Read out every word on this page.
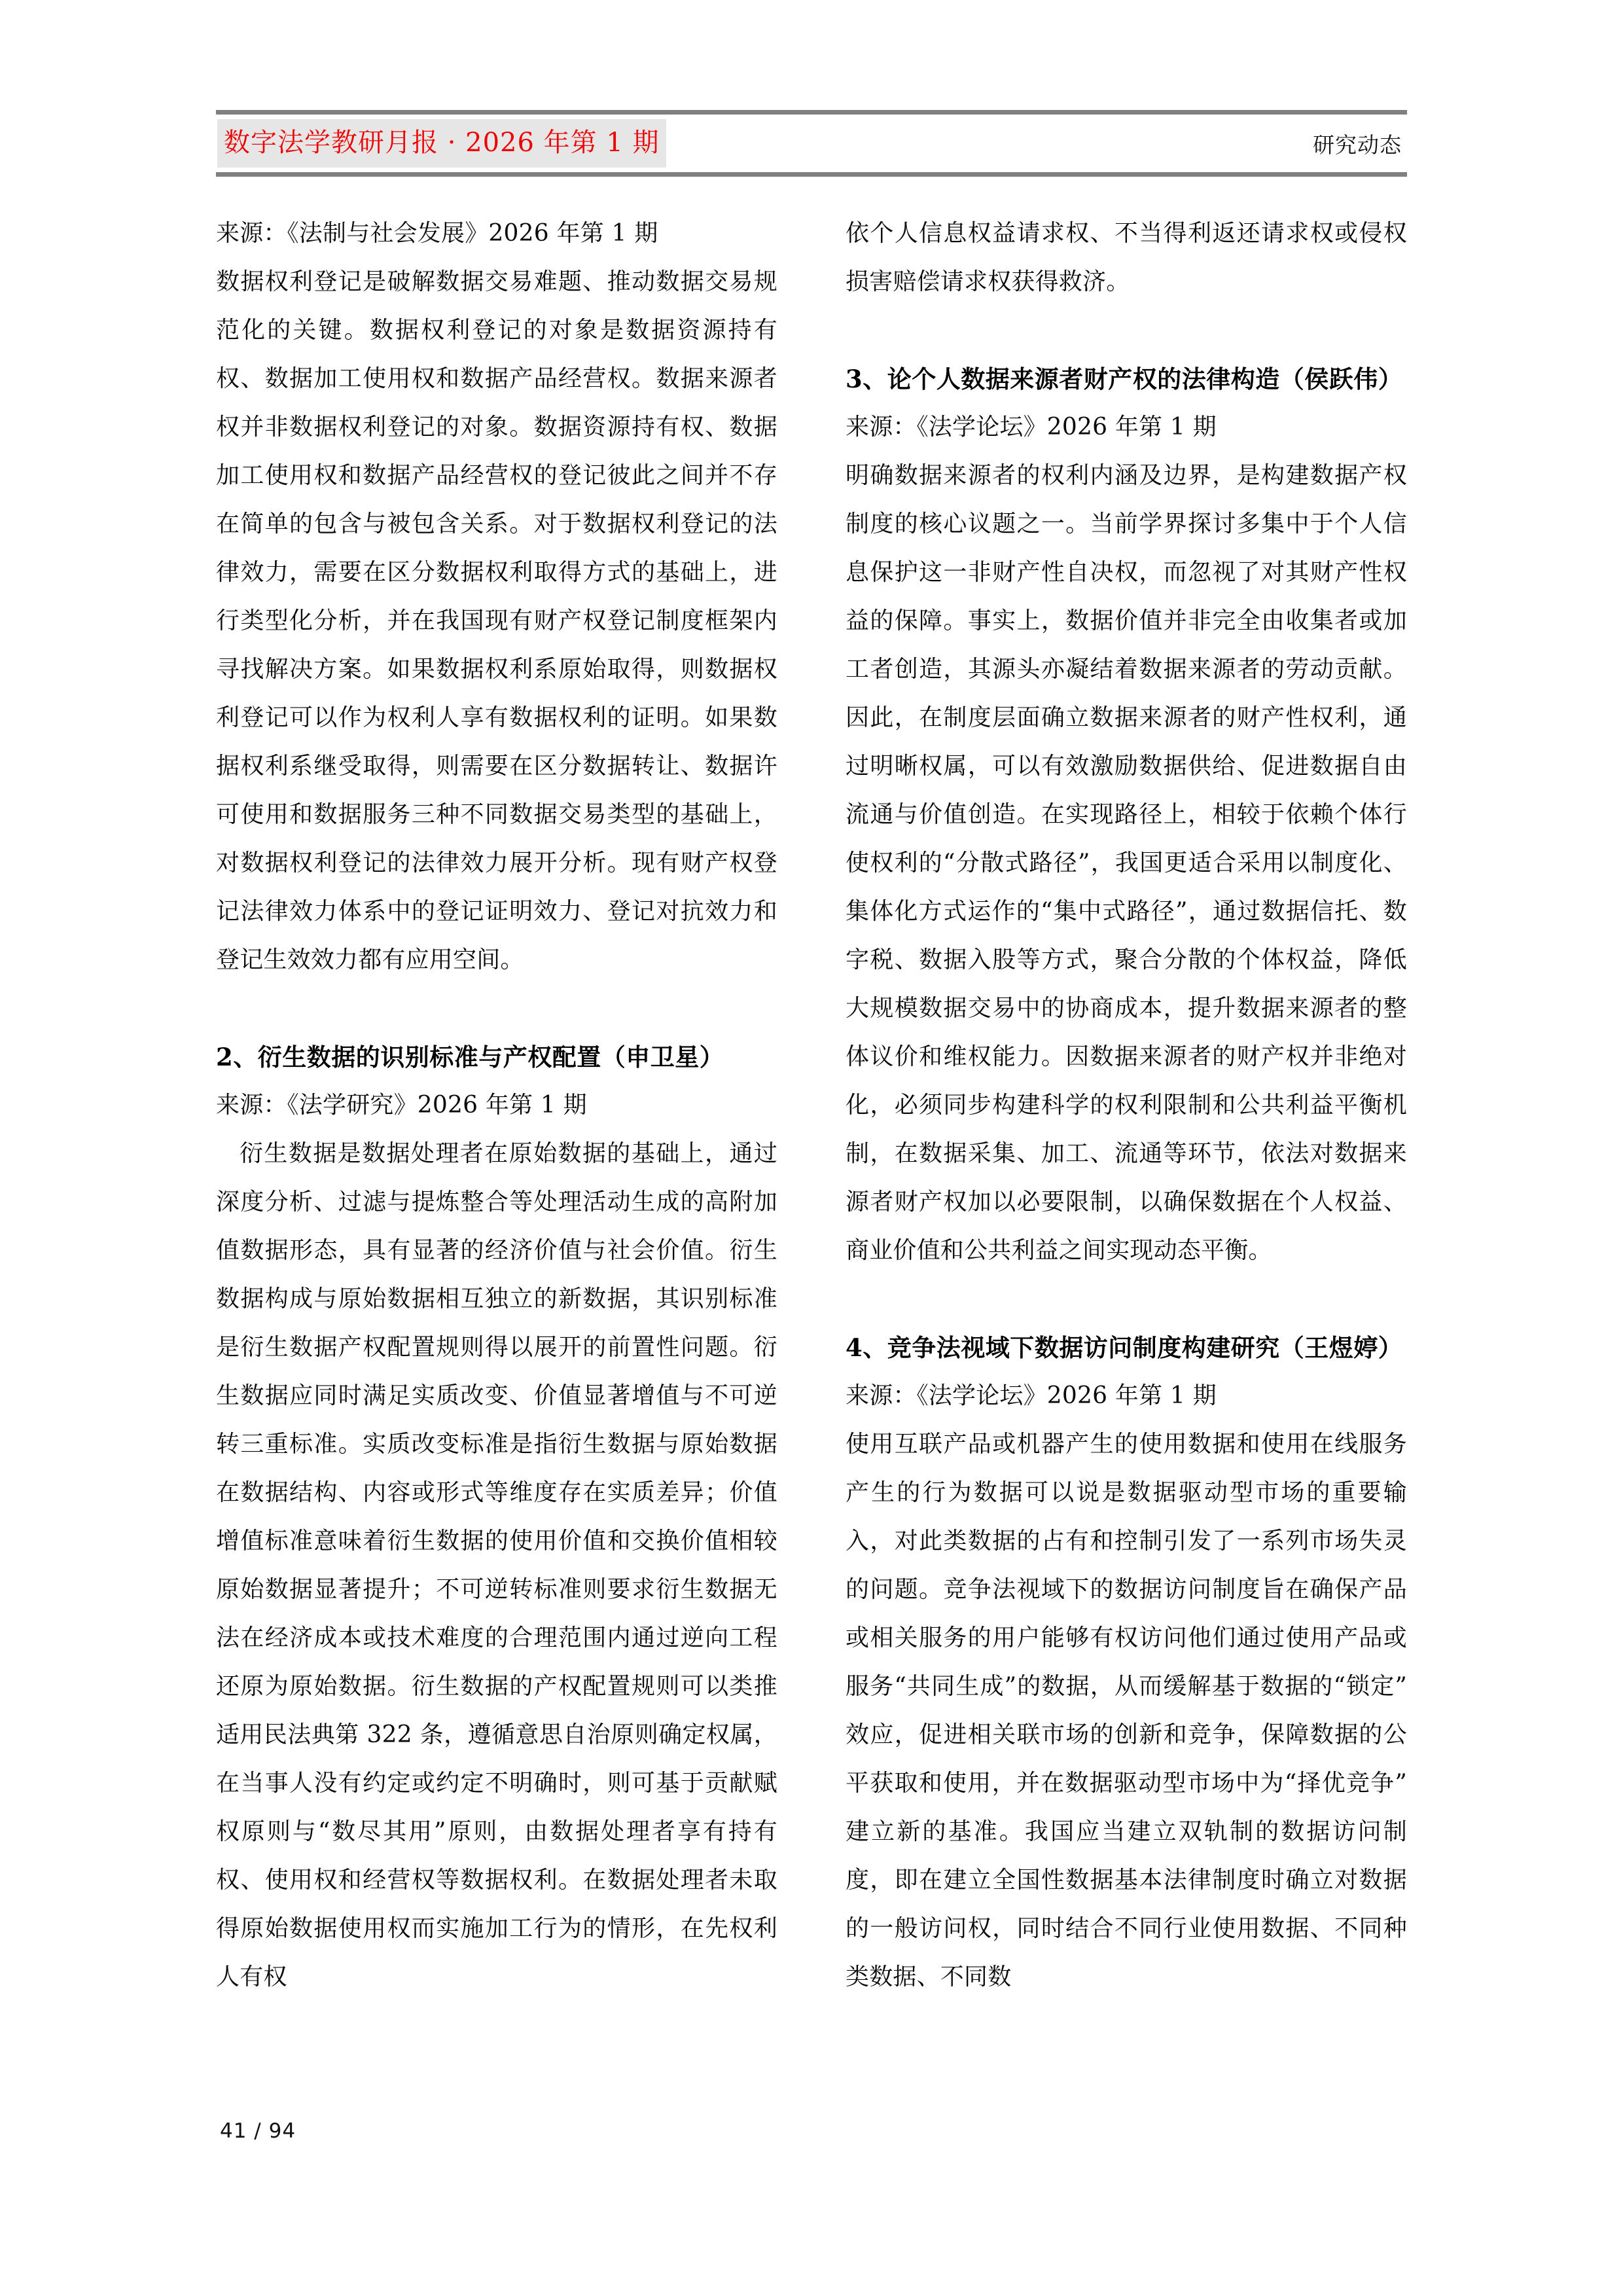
数字法学教研月报 · 2026 年第 1 期	研究动态

来源：《法制与社会发展》2026 年第 1 期

数据权利登记是破解数据交易难题、推动数据交易规范化的关键。数据权利登记的对象是数据资源持有权、数据加工使用权和数据产品经营权。数据来源者权并非数据权利登记的对象。数据资源持有权、数据加工使用权和数据产品经营权的登记彼此之间并不存在简单的包含与被包含关系。对于数据权利登记的法律效力，需要在区分数据权利取得方式的基础上，进行类型化分析，并在我国现有财产权登记制度框架内寻找解决方案。如果数据权利系原始取得，则数据权利登记可以作为权利人享有数据权利的证明。如果数据权利系继受取得，则需要在区分数据转让、数据许可使用和数据服务三种不同数据交易类型的基础上，对数据权利登记的法律效力展开分析。现有财产权登记法律效力体系中的登记证明效力、登记对抗效力和登记生效效力都有应用空间。

2、衍生数据的识别标准与产权配置（申卫星）

来源：《法学研究》2026 年第 1 期

衍生数据是数据处理者在原始数据的基础上，通过深度分析、过滤与提炼整合等处理活动生成的高附加值数据形态，具有显著的经济价值与社会价值。衍生数据构成与原始数据相互独立的新数据，其识别标准是衍生数据产权配置规则得以展开的前置性问题。衍生数据应同时满足实质改变、价值显著增值与不可逆转三重标准。实质改变标准是指衍生数据与原始数据在数据结构、内容或形式等维度存在实质差异；价值增值标准意味着衍生数据的使用价值和交换价值相较原始数据显著提升；不可逆转标准则要求衍生数据无法在经济成本或技术难度的合理范围内通过逆向工程还原为原始数据。衍生数据的产权配置规则可以类推适用民法典第 322 条，遵循意思自治原则确定权属，在当事人没有约定或约定不明确时，则可基于贡献赋权原则与“数尽其用”原则，由数据处理者享有持有权、使用权和经营权等数据权利。在数据处理者未取得原始数据使用权而实施加工行为的情形，在先权利人有权

依个人信息权益请求权、不当得利返还请求权或侵权损害赔偿请求权获得救济。

3、论个人数据来源者财产权的法律构造（侯跃伟）

来源：《法学论坛》2026 年第 1 期

明确数据来源者的权利内涵及边界，是构建数据产权制度的核心议题之一。当前学界探讨多集中于个人信息保护这一非财产性自决权，而忽视了对其财产性权益的保障。事实上，数据价值并非完全由收集者或加工者创造，其源头亦凝结着数据来源者的劳动贡献。因此，在制度层面确立数据来源者的财产性权利，通过明晰权属，可以有效激励数据供给、促进数据自由流通与价值创造。在实现路径上，相较于依赖个体行使权利的“分散式路径”，我国更适合采用以制度化、集体化方式运作的“集中式路径”，通过数据信托、数字税、数据入股等方式，聚合分散的个体权益，降低大规模数据交易中的协商成本，提升数据来源者的整体议价和维权能力。因数据来源者的财产权并非绝对化，必须同步构建科学的权利限制和公共利益平衡机制，在数据采集、加工、流通等环节，依法对数据来源者财产权加以必要限制，以确保数据在个人权益、商业价值和公共利益之间实现动态平衡。

4、竞争法视域下数据访问制度构建研究（王煜婷）

来源：《法学论坛》2026 年第 1 期

使用互联产品或机器产生的使用数据和使用在线服务产生的行为数据可以说是数据驱动型市场的重要输入，对此类数据的占有和控制引发了一系列市场失灵的问题。竞争法视域下的数据访问制度旨在确保产品或相关服务的用户能够有权访问他们通过使用产品或服务“共同生成”的数据，从而缓解基于数据的“锁定”效应，促进相关联市场的创新和竞争，保障数据的公平获取和使用，并在数据驱动型市场中为“择优竞争”建立新的基准。我国应当建立双轨制的数据访问制度，即在建立全国性数据基本法律制度时确立对数据的一般访问权，同时结合不同行业使用数据、不同种类数据、不同数

41 / 94
